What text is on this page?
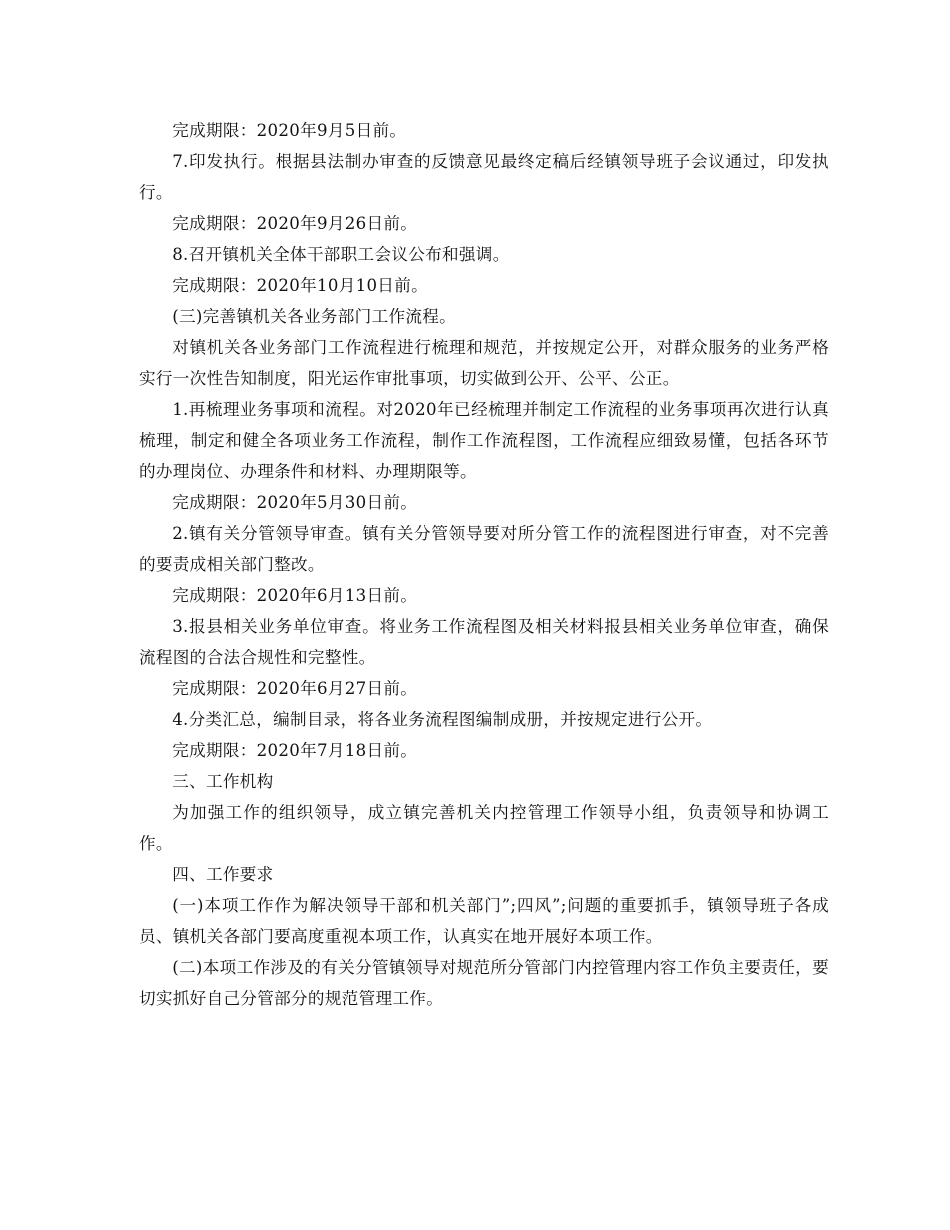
完成期限：2020年9月5日前。

7.印发执行。根据县法制办审查的反馈意见最终定稿后经镇领导班子会议通过，印发执行。

完成期限：2020年9月26日前。

8.召开镇机关全体干部职工会议公布和强调。

完成期限：2020年10月10日前。

(三)完善镇机关各业务部门工作流程。

对镇机关各业务部门工作流程进行梳理和规范，并按规定公开，对群众服务的业务严格实行一次性告知制度，阳光运作审批事项，切实做到公开、公平、公正。

1.再梳理业务事项和流程。对2020年已经梳理并制定工作流程的业务事项再次进行认真梳理，制定和健全各项业务工作流程，制作工作流程图，工作流程应细致易懂，包括各环节的办理岗位、办理条件和材料、办理期限等。

完成期限：2020年5月30日前。

2.镇有关分管领导审查。镇有关分管领导要对所分管工作的流程图进行审查，对不完善的要责成相关部门整改。

完成期限：2020年6月13日前。

3.报县相关业务单位审查。将业务工作流程图及相关材料报县相关业务单位审查，确保流程图的合法合规性和完整性。

完成期限：2020年6月27日前。

4.分类汇总，编制目录，将各业务流程图编制成册，并按规定进行公开。

完成期限：2020年7月18日前。

三、工作机构

为加强工作的组织领导，成立镇完善机关内控管理工作领导小组，负责领导和协调工作。

四、工作要求

(一)本项工作作为解决领导干部和机关部门”;四风”;问题的重要抓手，镇领导班子各成员、镇机关各部门要高度重视本项工作，认真实在地开展好本项工作。

(二)本项工作涉及的有关分管镇领导对规范所分管部门内控管理内容工作负主要责任，要切实抓好自己分管部分的规范管理工作。
